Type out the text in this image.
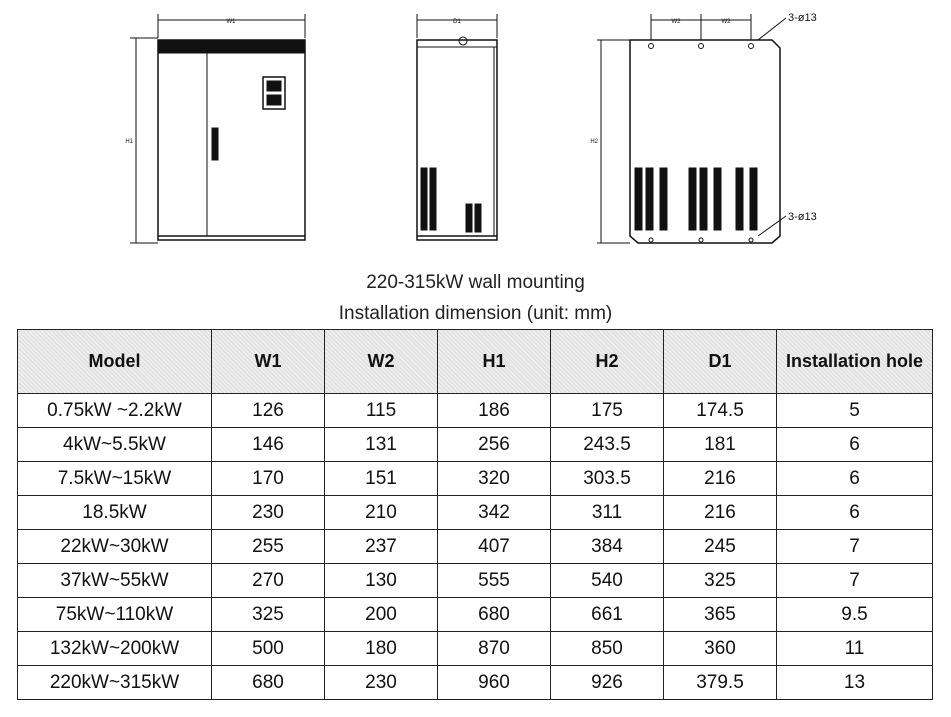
W1
H1
D1	W2	W2
H2
3-ø13
3-ø13
220-315kW wall mounting
Installation dimension (unit: mm)
Model	W1	W2	H1	H2	D1	Installation hole
0.75kW ~2.2kW	126	115	186	175	174.5	5
4kW~5.5kW	146	131	256	243.5	181	6
7.5kW~15kW	170	151	320	303.5	216	6
18.5kW	230	210	342	311	216	6
22kW~30kW	255	237	407	384	245	7
37kW~55kW	270	130	555	540	325	7
75kW~110kW	325	200	680	661	365	9.5
132kW~200kW	500	180	870	850	360	11
220kW~315kW	680	230	960	926	379.5	13
